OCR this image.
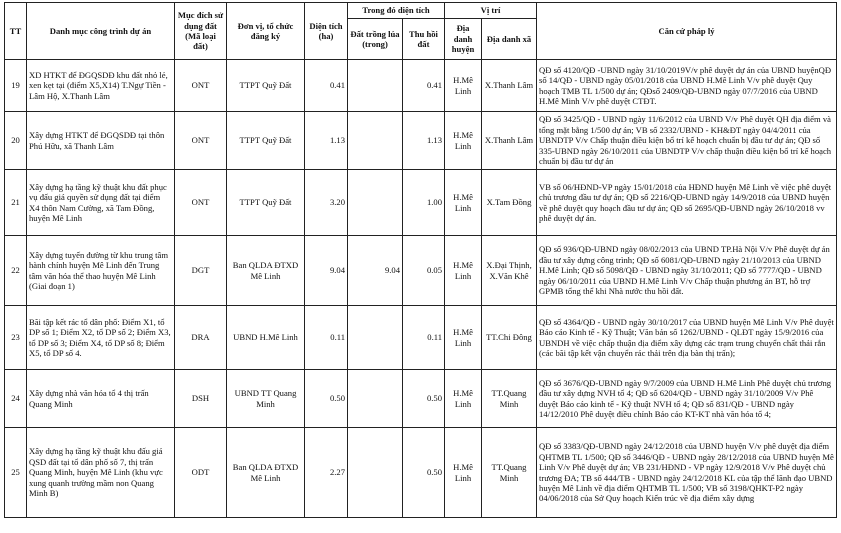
TT	Danh mục công trình dự án	Mục đích sử dụng đất (Mã loại đất)	Đơn vị, tổ chức đăng ký	Diện tích (ha)	Trong đó diện tích		Vị trí		Căn cứ pháp lý
					Đất trồng lúa (trong)	Thu hồi đất	Địa danh huyện	Địa danh xã	
19	XD HTKT để ĐGQSDĐ khu đất nhỏ lẻ, xen kẹt tại (điểm X5,X14) T.Ngự Tiền - Lâm Hộ, X.Thanh Lâm	ONT	TTPT Quỹ Đất	0.41		0.41	H.Mê Linh	X.Thanh Lâm	QĐ số 4120/QĐ -UBND ngày 31/10/2019V/v phê duyệt dự án của UBND huyệnQĐ số 14/QĐ - UBND ngày 05/01/2018 của UBND H.Mê Linh V/v phê duyệt Quy hoạch TMB TL 1/500 dự án; QĐsố 2409/QĐ-UBND ngày 07/7/2016 của UBND H.Mê Minh V/v phê duyệt CTĐT.
20	Xây dựng HTKT để ĐGQSDĐ tại thôn Phú Hữu, xã Thanh Lâm	ONT	TTPT Quỹ Đất	1.13		1.13	H.Mê Linh	X.Thanh Lâm	QĐ số 3425/QĐ - UBND ngày 11/6/2012 của UBND V/v Phê duyệt QH địa điểm và tổng mặt bằng 1/500 dự án; VB số 2332/UBND - KH&ĐT ngày 04/4/2011 của UBNDTP V/v Chấp thuận điều kiện bổ trí kế hoạch chuẩn bị đầu tư dự án; QĐ số 335-UBND ngày 26/10/2011 của UBNDTP V/v chấp thuận điều kiện bổ trí kế hoạch chuẩn bị đầu tư dự án
21	Xây dựng hạ tầng kỹ thuật khu đất phục vụ đấu giá quyền sử dụng đất tại điểm X4 thôn Nam Cường, xã Tam Đồng, huyện Mê Linh	ONT	TTPT Quỹ Đất	3.20		1.00	H.Mê Linh	X.Tam Đồng	VB số 06/HĐND-VP ngày 15/01/2018 của HĐND huyện Mê Linh về việc phê duyệt chủ trương đầu tư dự án; QĐ số 2216/QĐ-UBND ngày 14/9/2018 của UBND huyện về phê duyệt quy hoạch đầu tư dự án; QĐ số 2695/QĐ-UBND ngày 26/10/2018 vv phê duyệt dự án.
22	Xây dựng tuyến đường từ khu trung tâm hành chính huyện Mê Linh đến Trung tâm văn hóa thể thao huyện Mê Linh (Giai đoạn 1)	DGT	Ban QLDA ĐTXD Mê Linh	9.04	9.04	0.05	H.Mê Linh	X.Đại Thịnh, X.Văn Khê	QĐ số 936/QĐ-UBND ngày 08/02/2013 của UBND TP.Hà Nội V/v Phê duyệt dự án đầu tư xây dựng công trình; QĐ số 6081/QĐ-UBND ngày 21/10/2013 của UBND H.Mê Linh; QĐ số 5098/QĐ - UBND ngày 31/10/2011; QĐ số 7777/QĐ - UBND ngày 06/10/2011 của UBND H.Mê Linh V/v Chấp thuận phương án BT, hỗ trợ GPMB tổng thể khi Nhà nước thu hồi đất.
23	Bãi tập kết rác tổ dân phố: Điểm X1, tổ DP số 1; Điểm X2, tổ DP số 2; Điểm X3, tổ DP số 3; Điểm X4, tổ DP số 8; Điểm X5, tổ DP số 4.	DRA	UBND H.Mê Linh	0.11		0.11	H.Mê Linh	TT.Chi Đông	QĐ số 4364/QĐ - UBND ngày 30/10/2017 của UBND huyện Mê Linh V/v Phê duyệt Báo cáo Kinh tế - Kỹ Thuật; Văn bản số 1262/UBND - QLĐT ngày 15/9/2016 của UBNDH về việc chấp thuận địa điểm xây dựng các trạm trung chuyển chất thải rắn (các bãi tập kết vận chuyển rác thải trên địa bàn thị trấn);
24	Xây dựng nhà văn hóa tổ 4 thị trấn Quang Minh	DSH	UBND TT Quang Minh	0.50		0.50	H.Mê Linh	TT.Quang Minh	QĐ số 3676/QĐ-UBND ngày 9/7/2009 của UBND H.Mê Linh Phê duyệt chủ trương đầu tư xây dựng NVH tổ 4; QĐ số 6204/QĐ - UBND ngày 31/10/2009 V/v Phê duyệt Báo cáo kinh tế - Kỹ thuật NVH tổ 4; QĐ số 831/QĐ - UBND ngày 14/12/2010 Phê duyệt điều chỉnh Báo cáo KT-KT nhà văn hóa tổ 4;
25	Xây dựng hạ tầng kỹ thuật khu đấu giá QSD đất tại tổ dân phố số 7, thị trấn Quang Minh, huyện Mê Linh (khu vực xung quanh trường mầm non Quang Minh B)	ODT	Ban QLDA ĐTXD Mê Linh	2.27		0.50	H.Mê Linh	TT.Quang Minh	QĐ số 3383/QĐ-UBND ngày 24/12/2018 của UBND huyện V/v phê duyệt địa điểm QHTMB TL 1/500; QĐ số 3446/QĐ - UBND ngày 28/12/2018 của UBND huyện Mê Linh V/v Phê duyệt dự án; VB 231/HĐND - VP ngày 12/9/2018 V/v Phê duyệt chủ trương ĐA; TB số 444/TB - UBND ngày 24/12/2018 KL của tập thể lãnh đạo UBND huyện Mê Linh về địa điểm QHTMB TL 1/500; VB số 3198/QHKT-P2 ngày 04/06/2018 của Sở Quy hoạch Kiến trúc về địa điểm xây dựng
